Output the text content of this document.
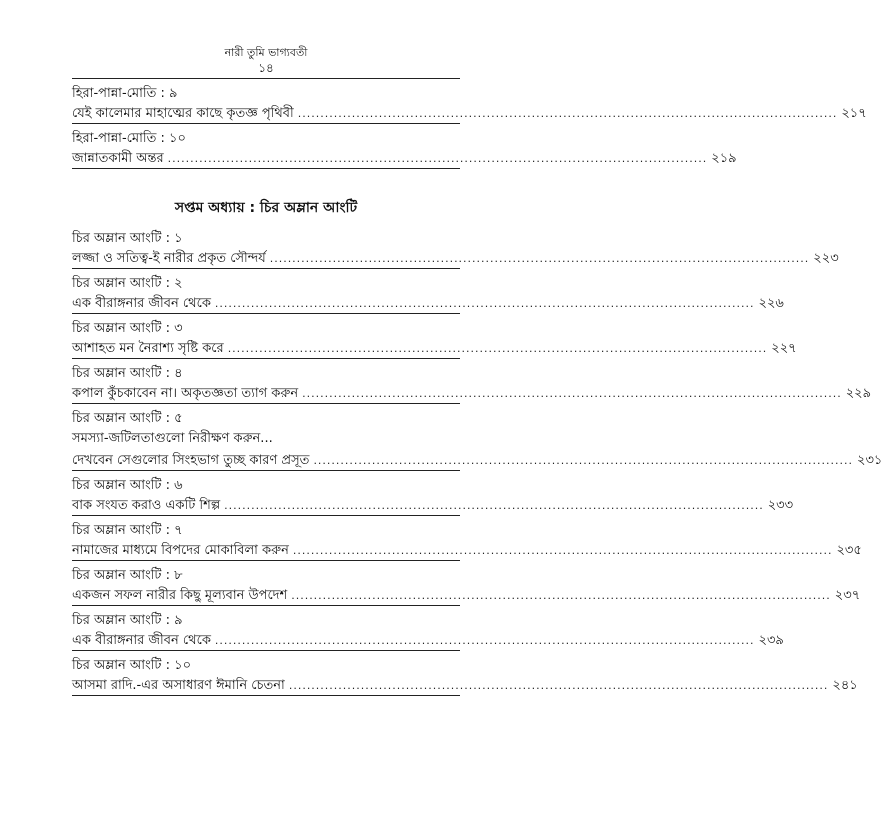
নারী তুমি ভাগ্যবতী
১৪
সপ্তম অধ্যায় : চির অম্লান আংটি
হিরা-পান্না-মোতি : ৯
যেই কালেমার মাহাত্মের কাছে কৃতজ্ঞ পৃথিবী ........................................................................................................................ ২১৭
হিরা-পান্না-মোতি : ১০
জান্নাতকামী অন্তর ........................................................................................................................ ২১৯
চির অম্লান আংটি : ১
লজ্জা ও সতিত্ব-ই নারীর প্রকৃত সৌন্দর্য ........................................................................................................................ ২২৩
চির অম্লান আংটি : ২
এক বীরাঙ্গনার জীবন থেকে ........................................................................................................................ ২২৬
চির অম্লান আংটি : ৩
আশাহত মন নৈরাশ্য সৃষ্টি করে ........................................................................................................................ ২২৭
চির অম্লান আংটি : ৪
কপাল কুঁচকাবেন না। অকৃতজ্ঞতা ত্যাগ করুন ........................................................................................................................ ২২৯
চির অম্লান আংটি : ৫
সমস্যা-জটিলতাগুলো নিরীক্ষণ করুন...
দেখবেন সেগুলোর সিংহভাগ তুচ্ছ কারণ প্রসূত ........................................................................................................................ ২৩১
চির অম্লান আংটি : ৬
বাক সংযত করাও একটি শিল্প ........................................................................................................................ ২৩৩
চির অম্লান আংটি : ৭
নামাজের মাধ্যমে বিপদের মোকাবিলা করুন ........................................................................................................................ ২৩৫
চির অম্লান আংটি : ৮
একজন সফল নারীর কিছু মূল্যবান উপদেশ ........................................................................................................................ ২৩৭
চির অম্লান আংটি : ৯
এক বীরাঙ্গনার জীবন থেকে ........................................................................................................................ ২৩৯
চির অম্লান আংটি : ১০
আসমা রাদি.-এর অসাধারণ ঈমানি চেতনা ........................................................................................................................ ২৪১
